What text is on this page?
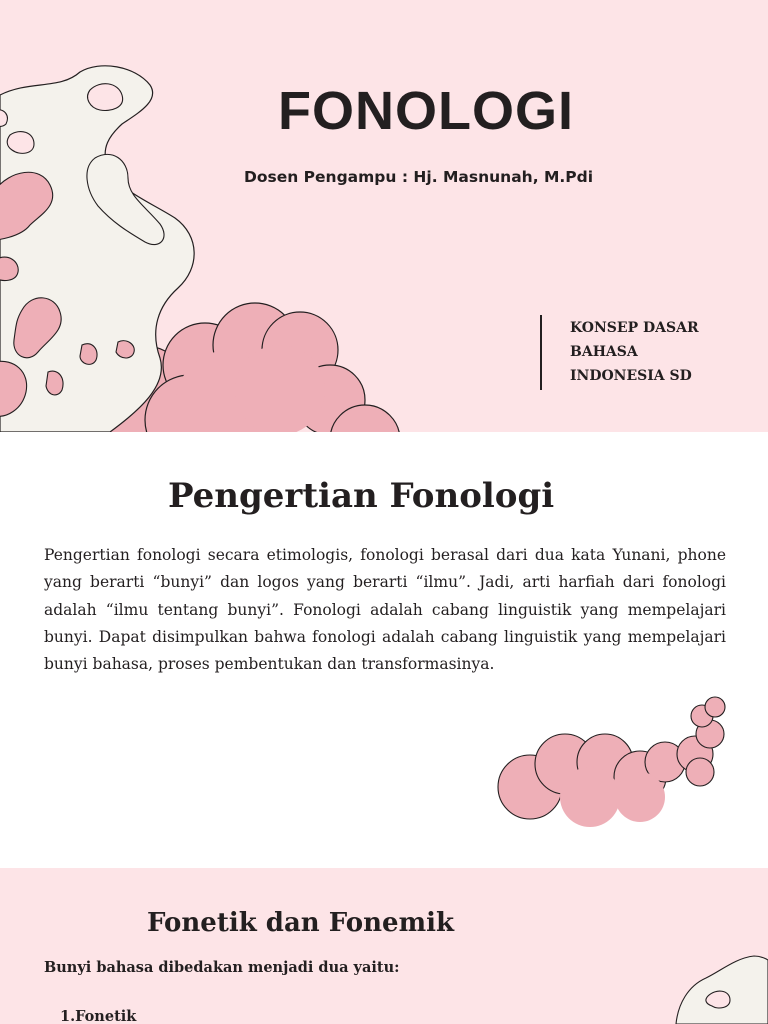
FONOLOGI
Dosen Pengampu : Hj. Masnunah, M.Pdi
KONSEP DASAR
BAHASA
INDONESIA SD
Pengertian Fonologi

Pengertian fonologi secara etimologis, fonologi berasal dari dua kata Yunani, phone yang berarti “bunyi” dan logos yang berarti “ilmu”. Jadi, arti harfiah dari fonologi adalah “ilmu tentang bunyi”. Fonologi adalah cabang linguistik yang mempelajari bunyi. Dapat disimpulkan bahwa fonologi adalah cabang linguistik yang mempelajari bunyi bahasa, proses pembentukan dan transformasinya.

Fonetik dan Fonemik
Bunyi bahasa dibedakan menjadi dua yaitu:
1.Fonetik
